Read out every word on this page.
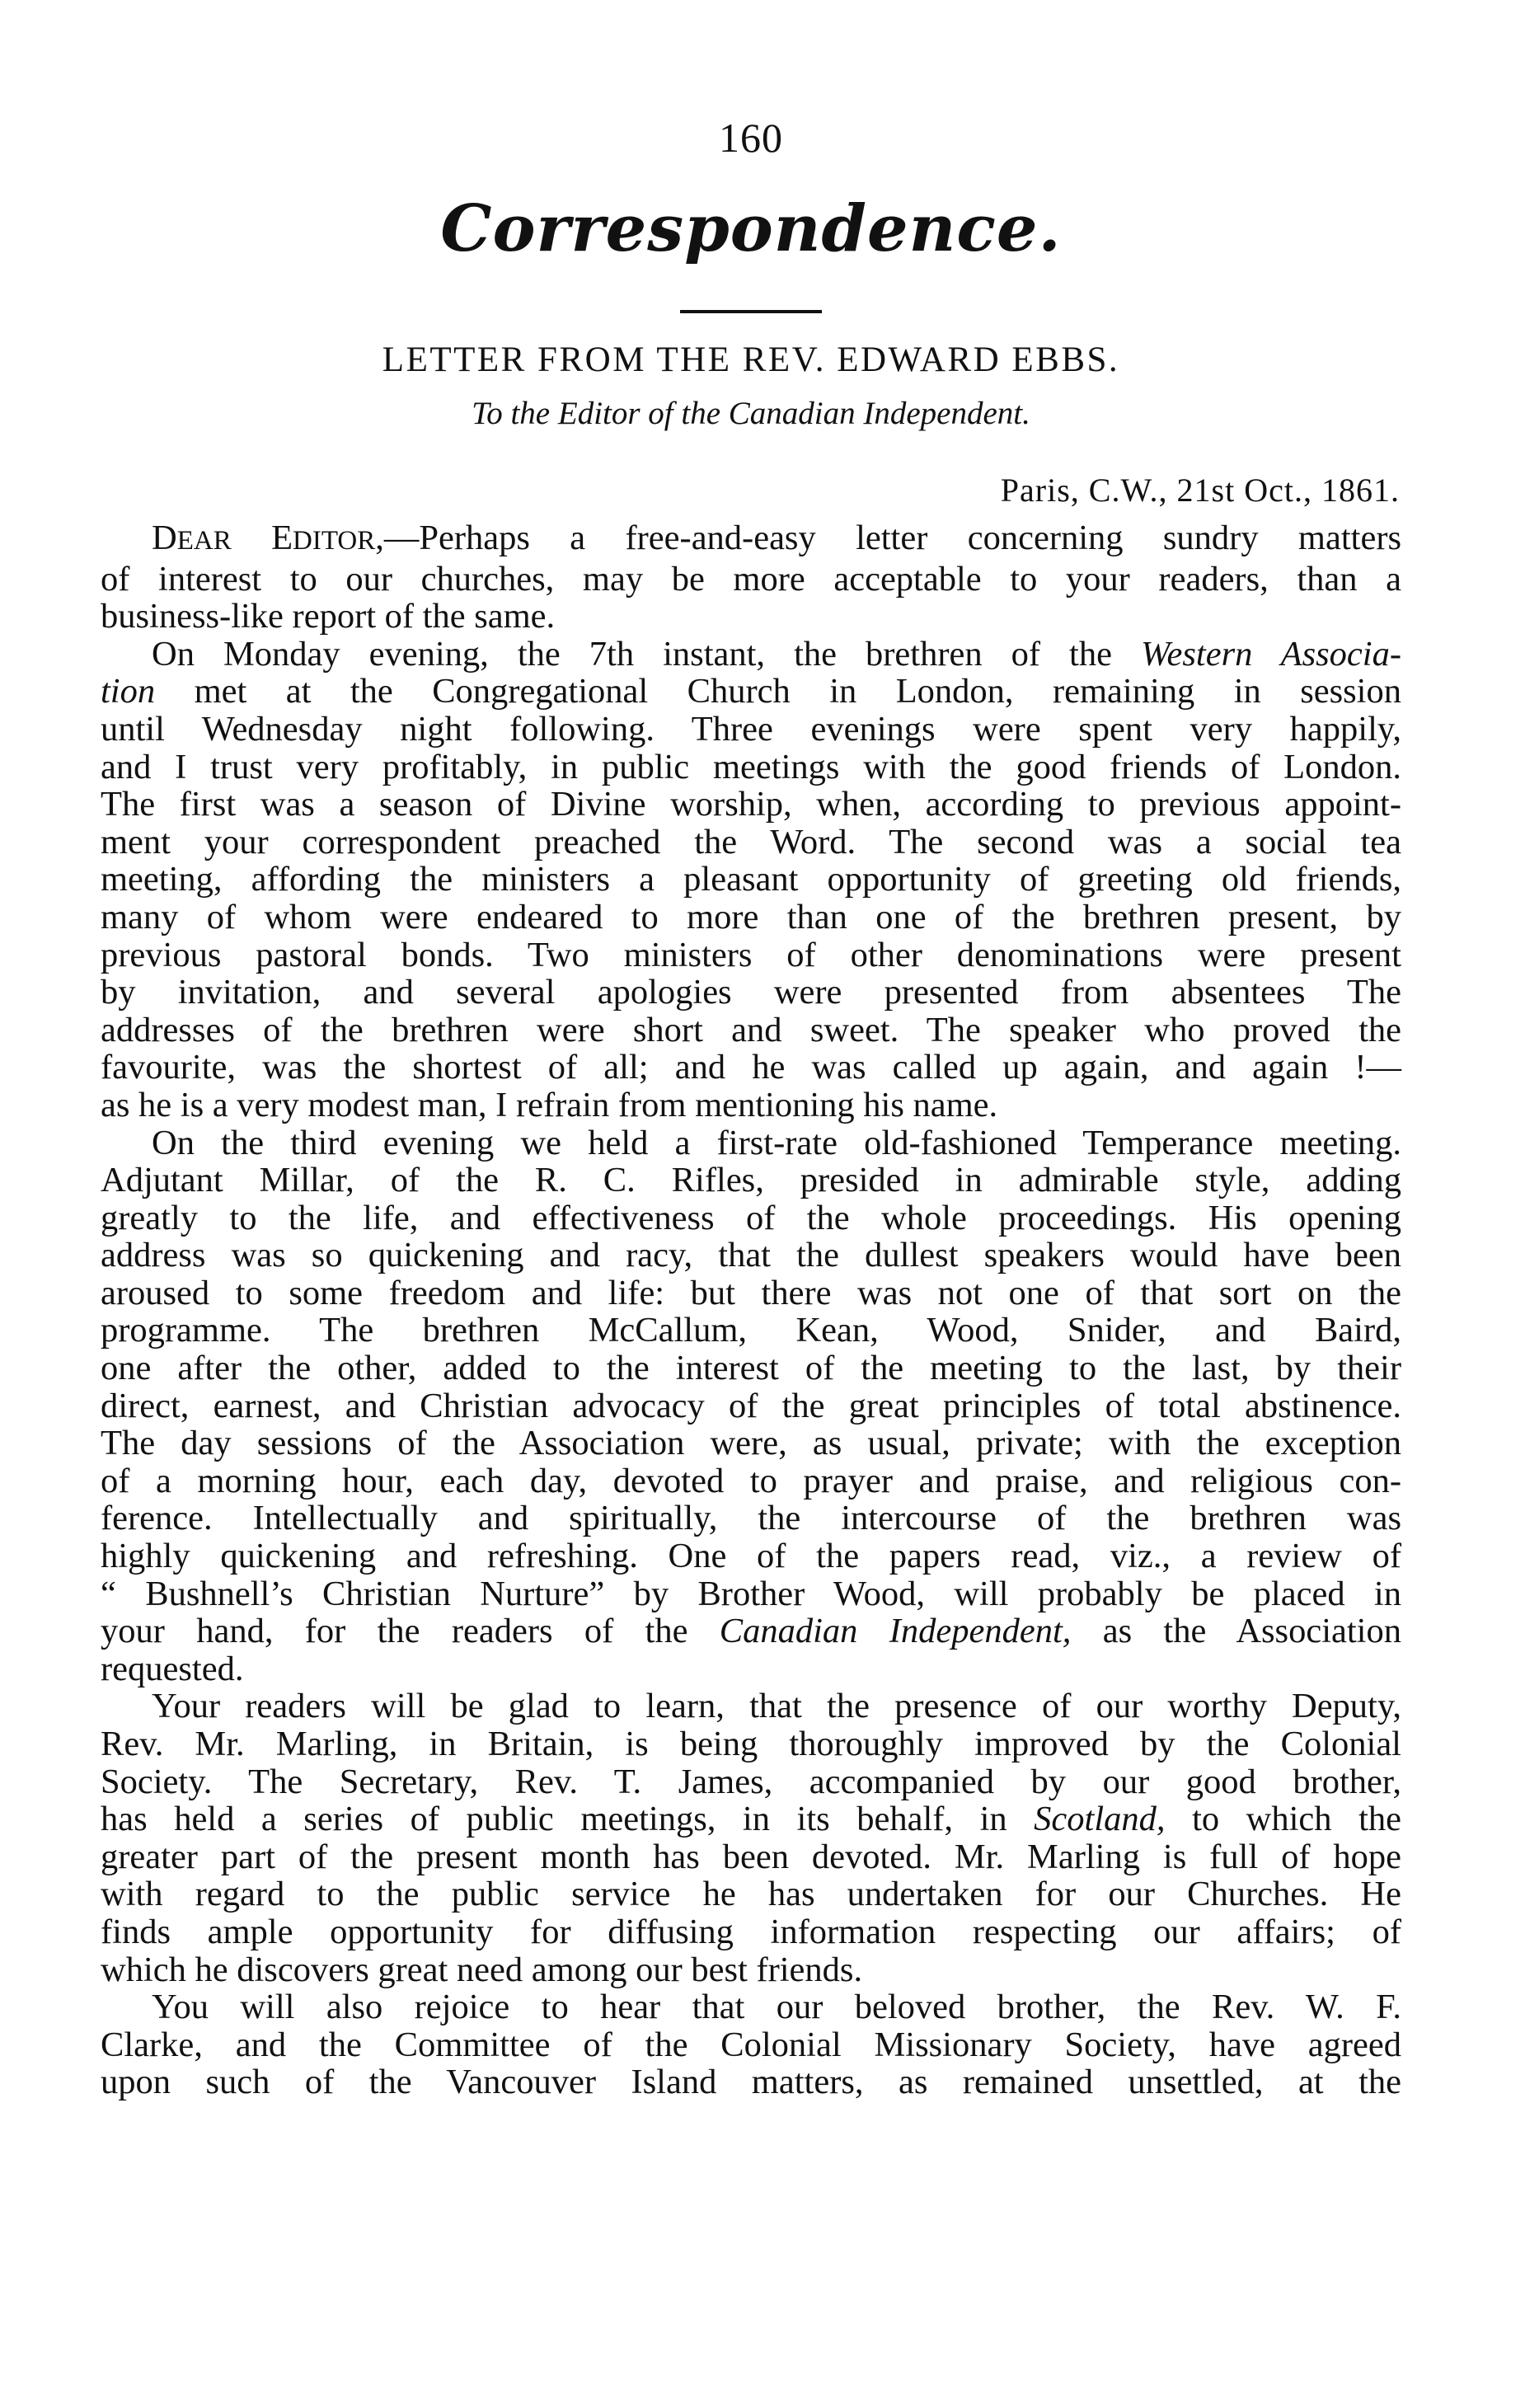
160
Correspondence.
LETTER FROM THE REV. EDWARD EBBS.
To the Editor of the Canadian Independent.
Paris, C.W., 21st Oct., 1861.
DEAR EDITOR,—Perhaps a free-and-easy letter concerning sundry matters
of interest to our churches, may be more acceptable to your readers, than a
business-like report of the same.
On Monday evening, the 7th instant, the brethren of the Western Associa-
tion met at the Congregational Church in London, remaining in session
until Wednesday night following. Three evenings were spent very happily,
and I trust very profitably, in public meetings with the good friends of London.
The first was a season of Divine worship, when, according to previous appoint-
ment your correspondent preached the Word. The second was a social tea
meeting, affording the ministers a pleasant opportunity of greeting old friends,
many of whom were endeared to more than one of the brethren present, by
previous pastoral bonds. Two ministers of other denominations were present
by invitation, and several apologies were presented from absentees The
addresses of the brethren were short and sweet. The speaker who proved the
favourite, was the shortest of all; and he was called up again, and again !—
as he is a very modest man, I refrain from mentioning his name.
On the third evening we held a first-rate old-fashioned Temperance meeting.
Adjutant Millar, of the R. C. Rifles, presided in admirable style, adding
greatly to the life, and effectiveness of the whole proceedings. His opening
address was so quickening and racy, that the dullest speakers would have been
aroused to some freedom and life: but there was not one of that sort on the
programme. The brethren McCallum, Kean, Wood, Snider, and Baird,
one after the other, added to the interest of the meeting to the last, by their
direct, earnest, and Christian advocacy of the great principles of total abstinence.
The day sessions of the Association were, as usual, private; with the exception
of a morning hour, each day, devoted to prayer and praise, and religious con-
ference. Intellectually and spiritually, the intercourse of the brethren was
highly quickening and refreshing. One of the papers read, viz., a review of
“ Bushnell’s Christian Nurture” by Brother Wood, will probably be placed in
your hand, for the readers of the Canadian Independent, as the Association
requested.
Your readers will be glad to learn, that the presence of our worthy Deputy,
Rev. Mr. Marling, in Britain, is being thoroughly improved by the Colonial
Society. The Secretary, Rev. T. James, accompanied by our good brother,
has held a series of public meetings, in its behalf, in Scotland, to which the
greater part of the present month has been devoted. Mr. Marling is full of hope
with regard to the public service he has undertaken for our Churches. He
finds ample opportunity for diffusing information respecting our affairs; of
which he discovers great need among our best friends.
You will also rejoice to hear that our beloved brother, the Rev. W. F.
Clarke, and the Committee of the Colonial Missionary Society, have agreed
upon such of the Vancouver Island matters, as remained unsettled, at the
